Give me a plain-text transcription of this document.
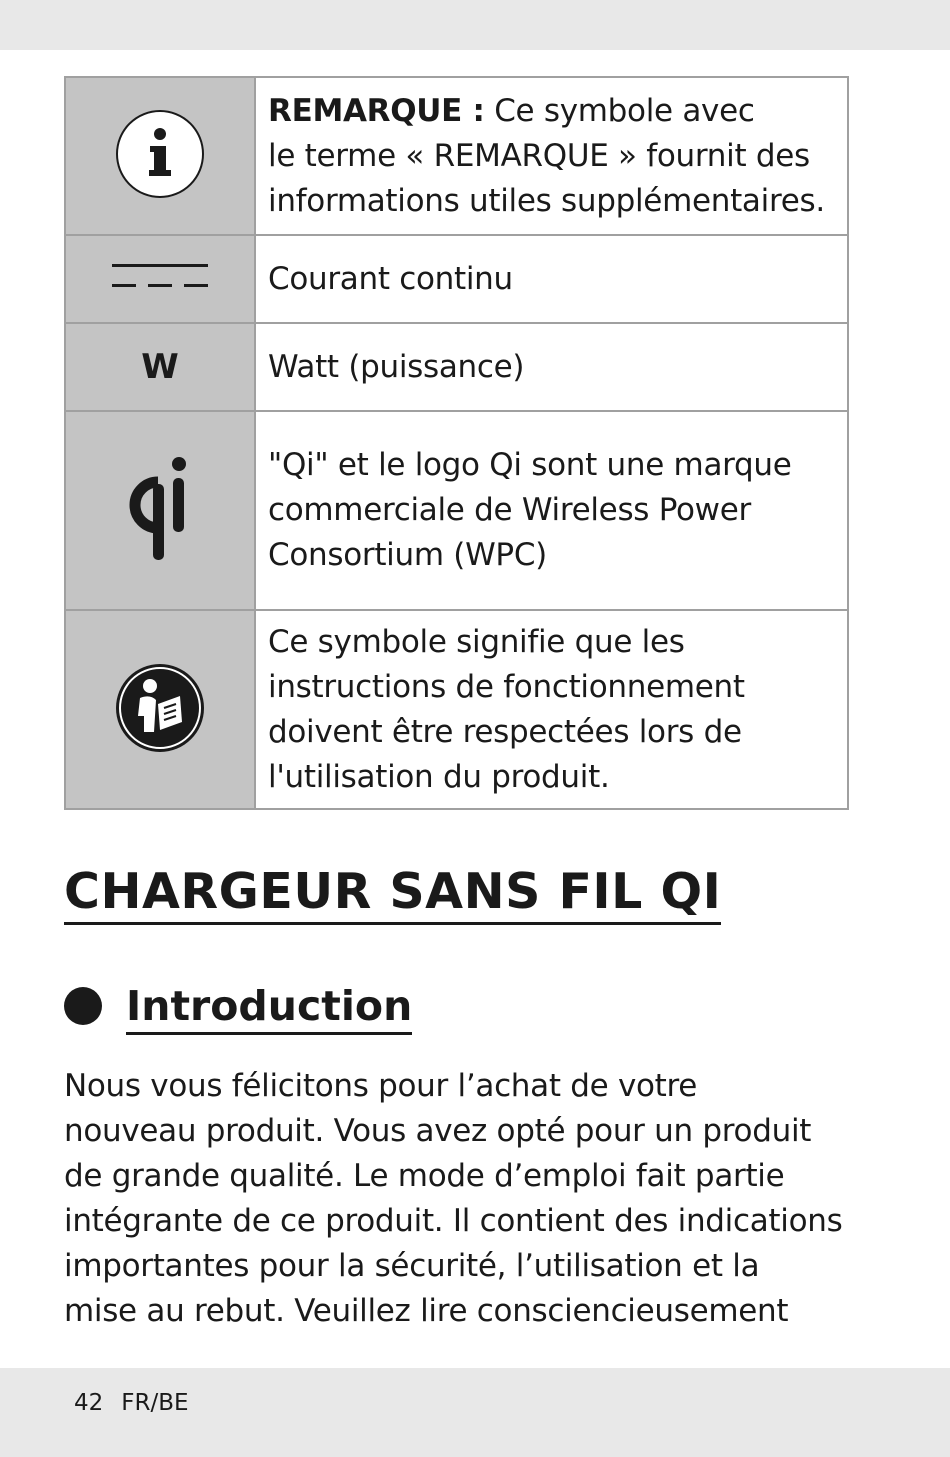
REMARQUE : Ce symbole avec
le terme « REMARQUE » fournit des
informations utiles supplémentaires.

Courant continu

W	Watt (puissance)

"Qi" et le logo Qi sont une marque
commerciale de Wireless Power
Consortium (WPC)

Ce symbole signifie que les
instructions de fonctionnement
doivent être respectées lors de
l'utilisation du produit.
CHARGEUR SANS FIL QI
Introduction
Nous vous félicitons pour l’achat de votre
nouveau produit. Vous avez opté pour un produit
de grande qualité. Le mode d’emploi fait partie
intégrante de ce produit. Il contient des indications
importantes pour la sécurité, l’utilisation et la
mise au rebut. Veuillez lire consciencieusement
42 FR/BE
